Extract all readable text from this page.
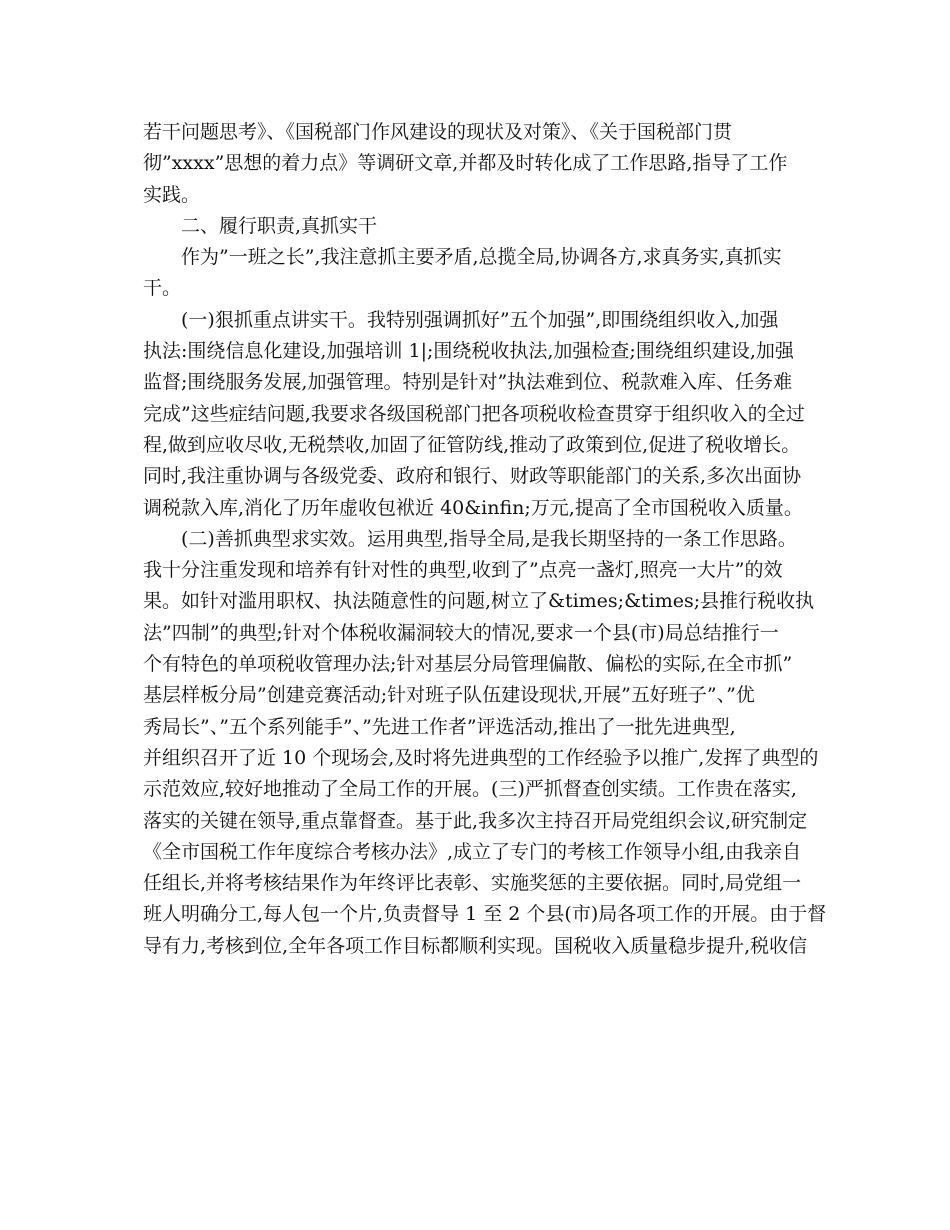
若干问题思考》、《国税部门作风建设的现状及对策》、《关于国税部门贯
彻”xxxx”思想的着力点》等调研文章,并都及时转化成了工作思路,指导了工作
实践。
　　二、履行职责,真抓实干
　　作为”一班之长”,我注意抓主要矛盾,总揽全局,协调各方,求真务实,真抓实
干。
　　(一)狠抓重点讲实干。我特别强调抓好”五个加强”,即围绕组织收入,加强
执法:围绕信息化建设,加强培训 1|;围绕税收执法,加强检查;围绕组织建设,加强
监督;围绕服务发展,加强管理。特别是针对”执法难到位、税款难入库、任务难
完成”这些症结问题,我要求各级国税部门把各项税收检查贯穿于组织收入的全过
程,做到应收尽收,无税禁收,加固了征管防线,推动了政策到位,促进了税收增长。
同时,我注重协调与各级党委、政府和银行、财政等职能部门的关系,多次出面协
调税款入库,消化了历年虚收包袱近 40&infin;万元,提高了全市国税收入质量。
　　(二)善抓典型求实效。运用典型,指导全局,是我长期坚持的一条工作思路。
我十分注重发现和培养有针对性的典型,收到了”点亮一盏灯,照亮一大片”的效
果。如针对滥用职权、执法随意性的问题,树立了&times;&times;县推行税收执
法”四制”的典型;针对个体税收漏洞较大的情况,要求一个县(市)局总结推行一
个有特色的单项税收管理办法;针对基层分局管理偏散、偏松的实际,在全市抓”
基层样板分局”创建竞赛活动;针对班子队伍建设现状,开展”五好班子”、”优
秀局长”、”五个系列能手”、”先进工作者”评选活动,推出了一批先进典型,
并组织召开了近 10 个现场会,及时将先进典型的工作经验予以推广,发挥了典型的
示范效应,较好地推动了全局工作的开展。(三)严抓督查创实绩。工作贵在落实,
落实的关键在领导,重点靠督查。基于此,我多次主持召开局党组织会议,研究制定
《全市国税工作年度综合考核办法》,成立了专门的考核工作领导小组,由我亲自
任组长,并将考核结果作为年终评比表彰、实施奖惩的主要依据。同时,局党组一
班人明确分工,每人包一个片,负责督导 1 至 2 个县(市)局各项工作的开展。由于督
导有力,考核到位,全年各项工作目标都顺利实现。国税收入质量稳步提升,税收信
